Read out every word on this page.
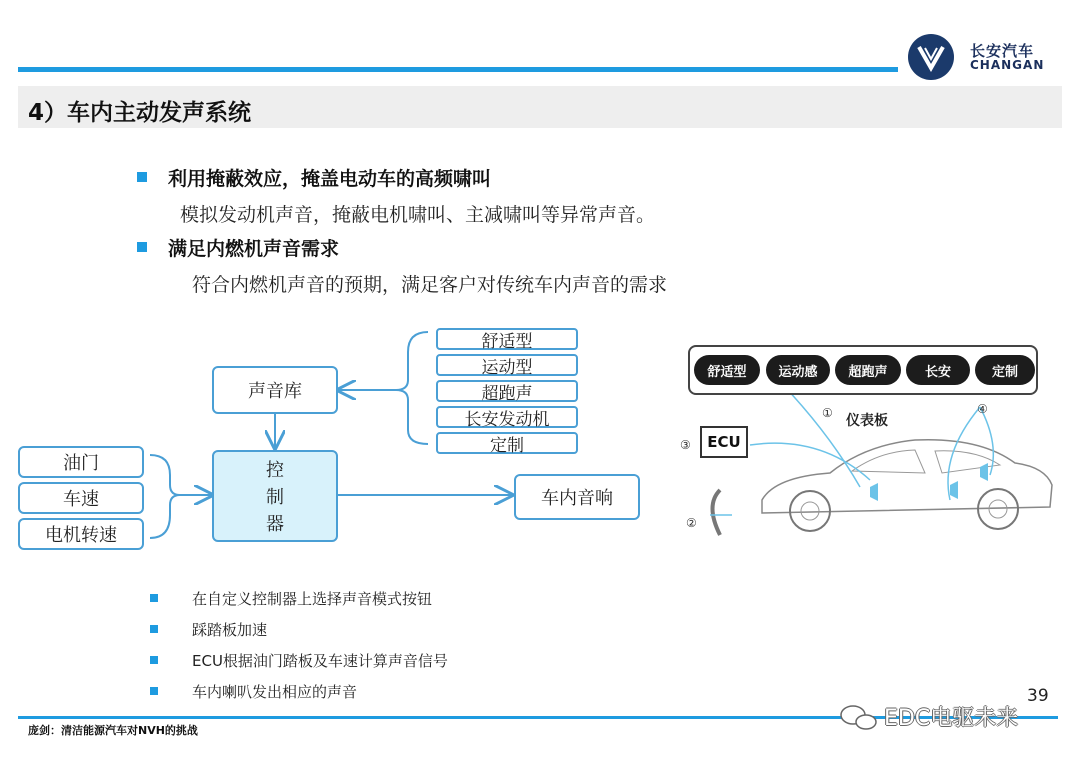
长安汽车
CHANGAN
4）车内主动发声系统
利用掩蔽效应，掩盖电动车的高频啸叫
模拟发动机声音，掩蔽电机啸叫、主减啸叫等异常声音。
满足内燃机声音需求
符合内燃机声音的预期，满足客户对传统车内声音的需求
舒适型
运动型
超跑声
长安发动机
定制
声音库
控
制
器
油门
车速
电机转速
车内音响
舒适型	运动感	超跑声	长安	定制
① 仪表板
②
③
④
ECU
在自定义控制器上选择声音模式按钮
踩踏板加速
ECU根据油门踏板及车速计算声音信号
车内喇叭发出相应的声音	39
庞剑：清洁能源汽车对NVH的挑战	EDC电驱未来
